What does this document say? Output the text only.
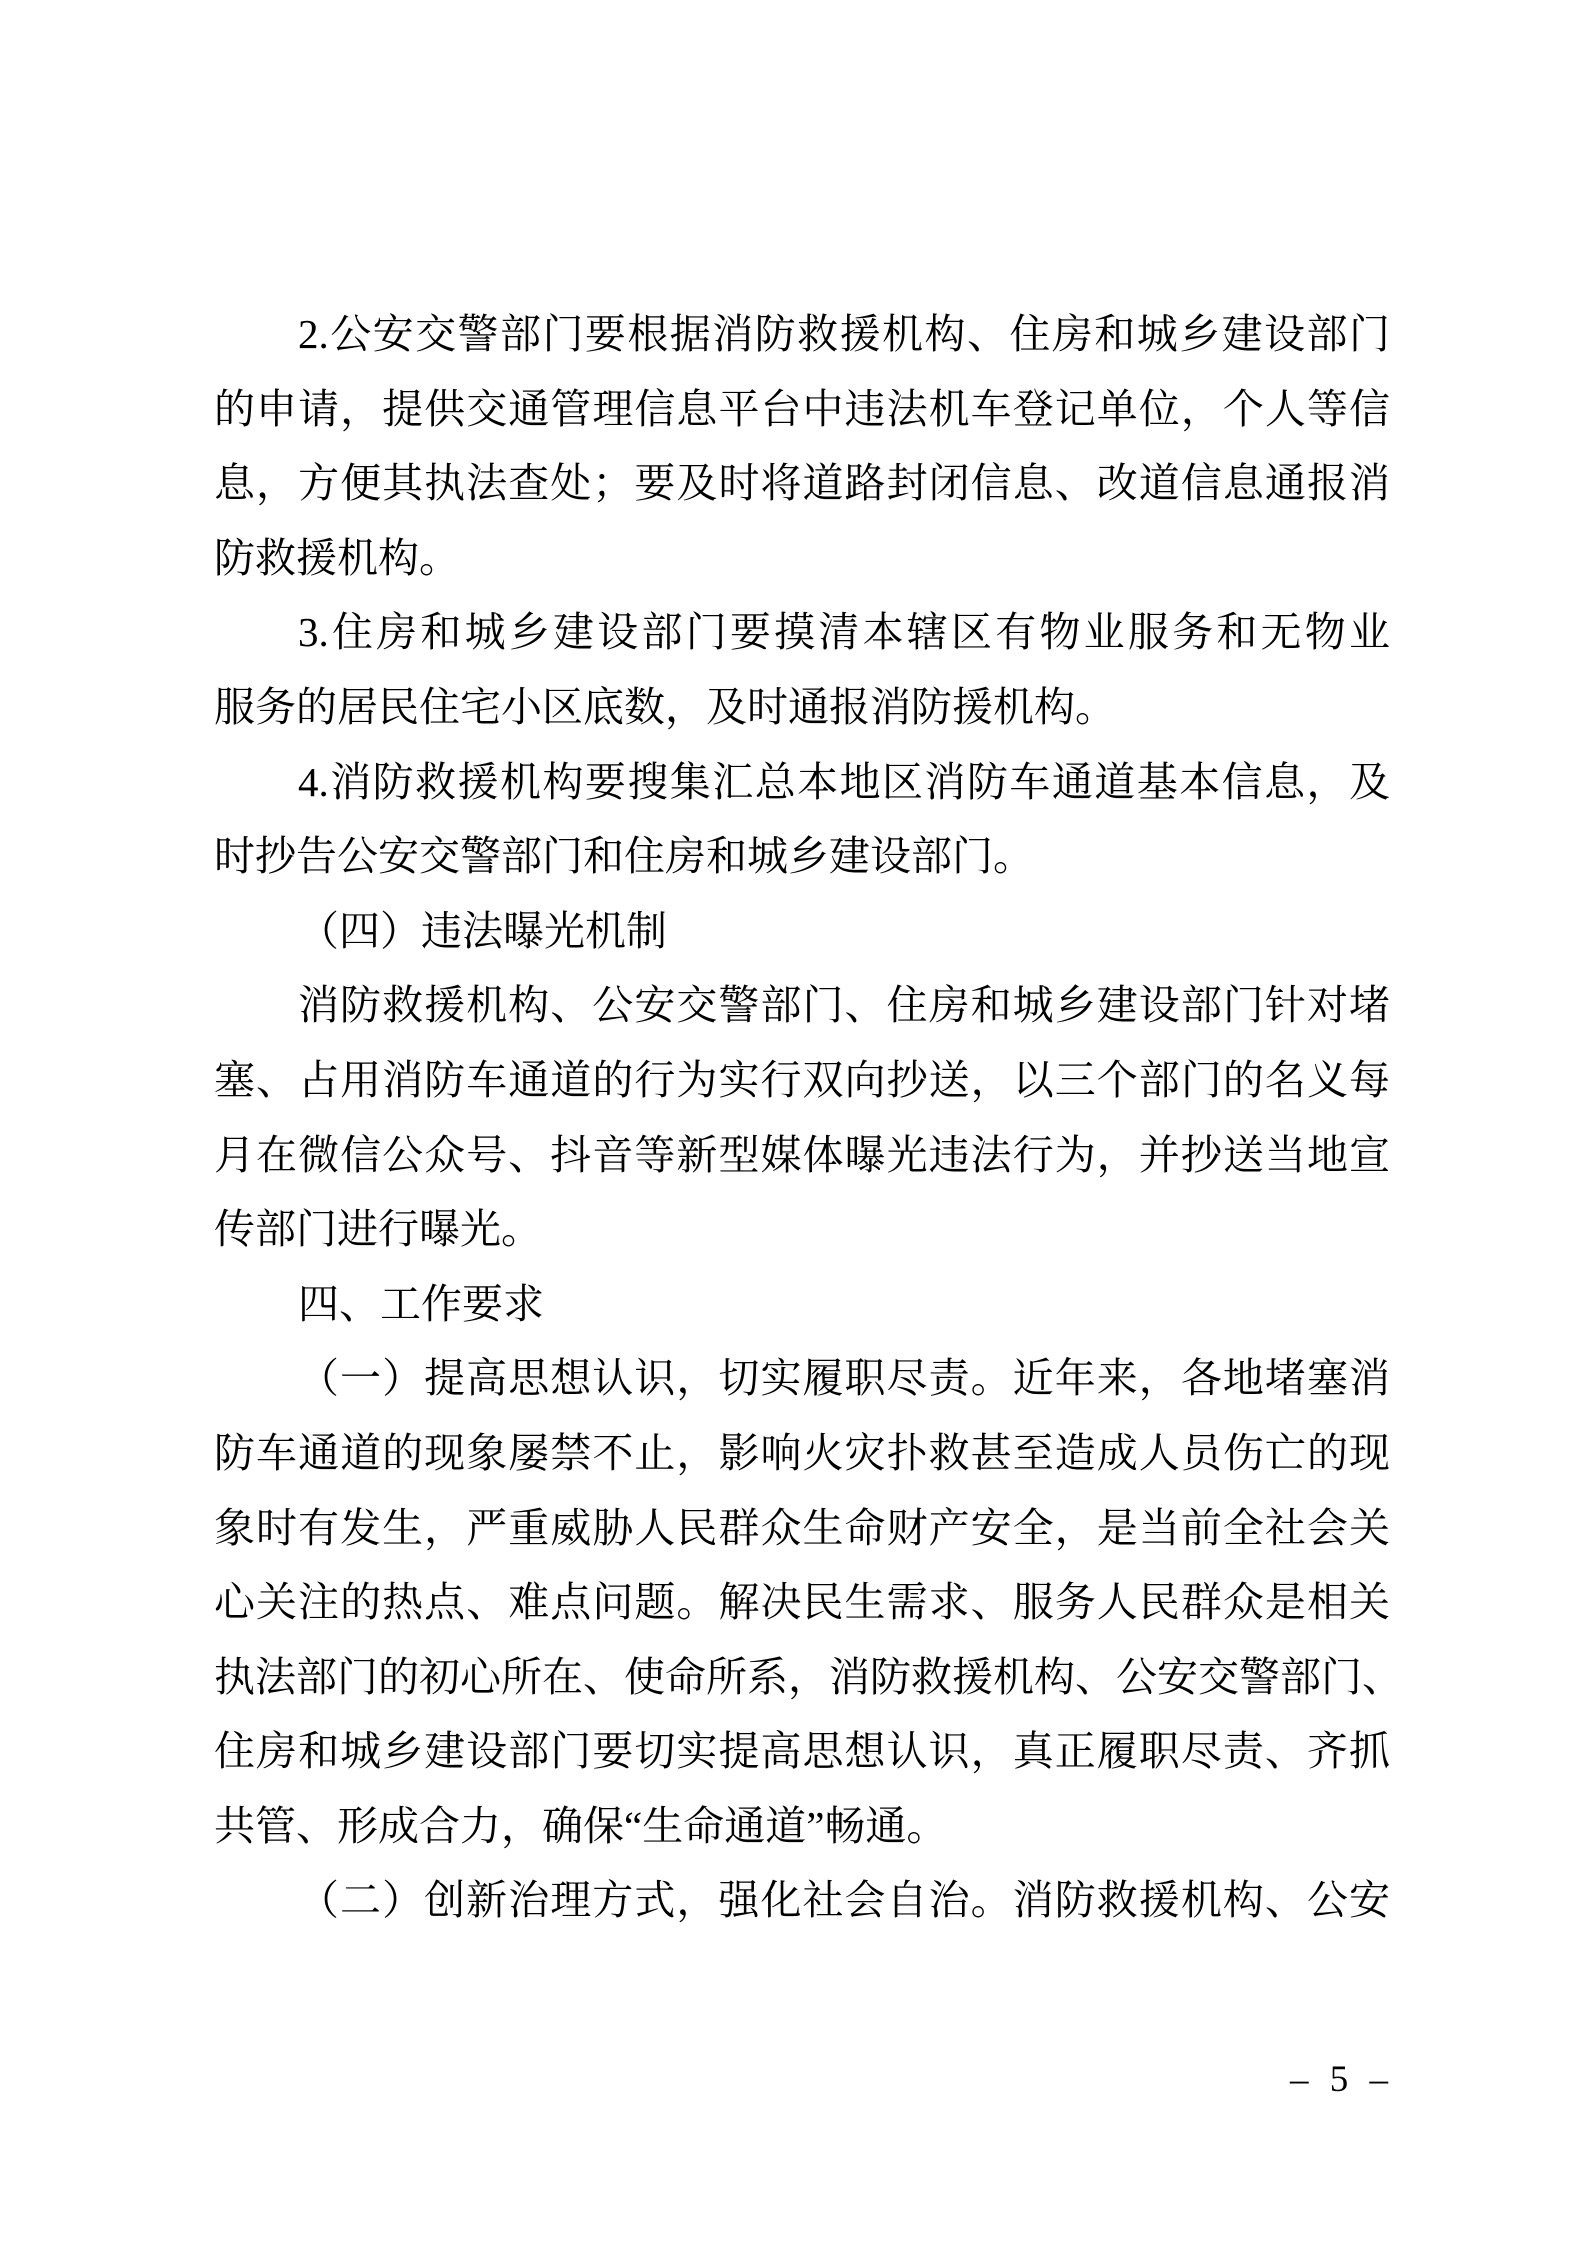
2.公安交警部门要根据消防救援机构、住房和城乡建设部门
的申请，提供交通管理信息平台中违法机车登记单位，个人等信
息，方便其执法查处；要及时将道路封闭信息、改道信息通报消
防救援机构。
3.住房和城乡建设部门要摸清本辖区有物业服务和无物业
服务的居民住宅小区底数，及时通报消防援机构。
4.消防救援机构要搜集汇总本地区消防车通道基本信息，及
时抄告公安交警部门和住房和城乡建设部门。
（四）违法曝光机制
消防救援机构、公安交警部门、住房和城乡建设部门针对堵
塞、占用消防车通道的行为实行双向抄送，以三个部门的名义每
月在微信公众号、抖音等新型媒体曝光违法行为，并抄送当地宣
传部门进行曝光。
四、工作要求
（一）提高思想认识，切实履职尽责。近年来，各地堵塞消
防车通道的现象屡禁不止，影响火灾扑救甚至造成人员伤亡的现
象时有发生，严重威胁人民群众生命财产安全，是当前全社会关
心关注的热点、难点问题。解决民生需求、服务人民群众是相关
执法部门的初心所在、使命所系，消防救援机构、公安交警部门、
住房和城乡建设部门要切实提高思想认识，真正履职尽责、齐抓
共管、形成合力，确保“生命通道”畅通。
（二）创新治理方式，强化社会自治。消防救援机构、公安
– 5 –
